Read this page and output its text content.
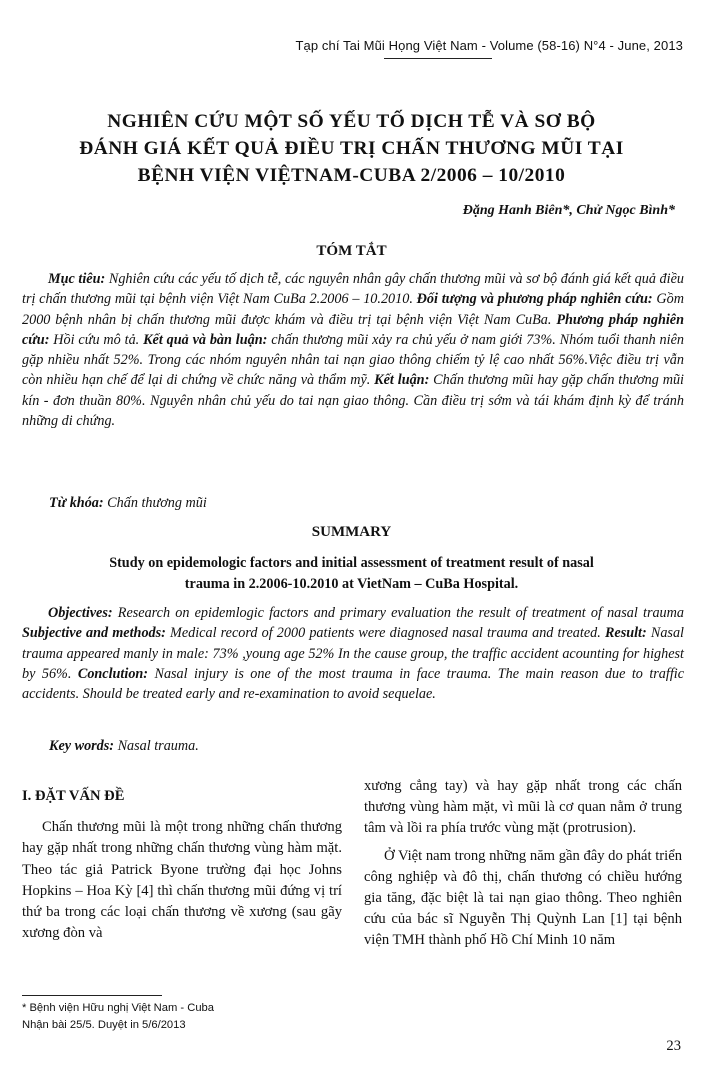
Tạp chí Tai Mũi Họng Việt Nam - Volume (58-16) N°4 - June, 2013
NGHIÊN CỨU MỘT SỐ YẾU TỐ DỊCH TỄ VÀ SƠ BỘ
ĐÁNH GIÁ KẾT QUẢ ĐIỀU TRỊ CHẤN THƯƠNG MŨI TẠI
BỆNH VIỆN VIỆTNAM-CUBA 2/2006 – 10/2010
Đặng Hanh Biên*, Chử Ngọc Bình*
TÓM TẮT

Mục tiêu: Nghiên cứu các yếu tố dịch tễ, các nguyên nhân gây chấn thương mũi và sơ bộ đánh giá kết quả điều trị chấn thương mũi tại bệnh viện Việt Nam CuBa 2.2006 – 10.2010. Đối tượng và phương pháp nghiên cứu: Gồm 2000 bệnh nhân bị chấn thương mũi được khám và điều trị tại bệnh viện Việt Nam CuBa. Phương pháp nghiên cứu: Hồi cứu mô tả. Kết quả và bàn luận: chấn thương mũi xảy ra chủ yếu ở nam giới 73%. Nhóm tuổi thanh niên gặp nhiều nhất 52%. Trong các nhóm nguyên nhân tai nạn giao thông chiếm tỷ lệ cao nhất 56%.Việc điều trị vẫn còn nhiều hạn chế để lại di chứng về chức năng và thẩm mỹ. Kết luận: Chấn thương mũi hay gặp chấn thương mũi kín - đơn thuần 80%. Nguyên nhân chủ yếu do tai nạn giao thông. Cần điều trị sớm và tái khám định kỳ để tránh những di chứng.

Từ khóa: Chấn thương mũi
SUMMARY
Study on epidemologic factors and initial assessment of treatment result of nasal
trauma in 2.2006-10.2010 at VietNam – CuBa Hospital.

Objectives: Research on epidemlogic factors and primary evaluation the result of treatment of nasal trauma Subjective and methods: Medical record of 2000 patients were diagnosed nasal trauma and treated. Result: Nasal trauma appeared manly in male: 73% ,young age 52% In the cause group, the traffic accident acounting for highest by 56%. Conclution: Nasal injury is one of the most trauma in face trauma. The main reason due to traffic accidents. Should be treated early and re-examination to avoid sequelae.

Key words: Nasal trauma.

I. ĐẶT VẤN ĐỀ

Chấn thương mũi là một trong những chấn thương hay gặp nhất trong những chấn thương vùng hàm mặt. Theo tác giả Patrick Byone trường đại học Johns Hopkins – Hoa Kỳ [4] thì chấn thương mũi đứng vị trí thứ ba trong các loại chấn thương về xương (sau gãy xương đòn và

xương cẳng tay) và hay gặp nhất trong các chấn thương vùng hàm mặt, vì mũi là cơ quan nằm ở trung tâm và lồi ra phía trước vùng mặt (protrusion).

Ở Việt nam trong những năm gần đây do phát triển công nghiệp và đô thị, chấn thương có chiều hướng gia tăng, đặc biệt là tai nạn giao thông. Theo nghiên cứu của bác sĩ Nguyễn Thị Quỳnh Lan [1] tại bệnh viện TMH thành phố Hồ Chí Minh 10 năm

* Bệnh viện Hữu nghị Việt Nam - Cuba
Nhận bài 25/5. Duyệt in 5/6/2013
23
